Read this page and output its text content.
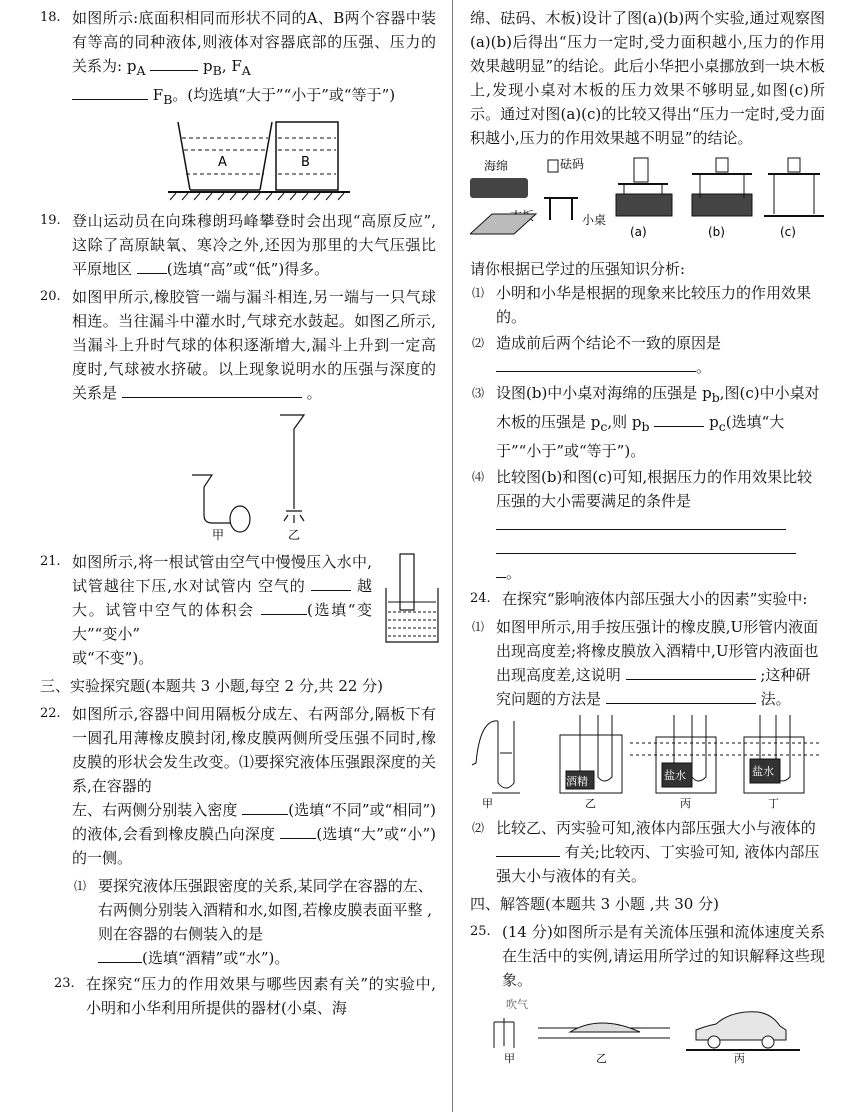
18. 如图所示:底面积相同而形状不同的A、B两个容器中装有等高的同种液体,则液体对容器底部的压强、压力的关系为: $p_A$	$p_B$, $F_A$
$F_B$。(均选填“大于”“小于”或“等于”)
A	B
19. 登山运动员在向珠穆朗玛峰攀登时会出现“高原反应”,这除了高原缺氧、寒冷之外,还因为那里的大气压强比平原地区 (选填“高”或“低”)得多。
20. 如图甲所示,橡胶管一端与漏斗相连,另一端与一只气球相连。当往漏斗中灌水时,气球充水鼓起。如图乙所示,当漏斗上升时气球的体积逐渐增大,漏斗上升到一定高度时,气球被水挤破。以上现象说明水的压强与深度的关系是	。
甲	乙
21. 如图所示,将一根试管由空气中慢慢压入水中,试管越往下压,水对试管内 空气的	越大。试管中空气的体积会	(选填“变大”“变小”
或“不变”)。
三、实验探究题(本题共 3 小题,每空 2 分,共 22 分)
22. 如图所示,容器中间用隔板分成左、右两部分,隔板下有一圆孔用薄橡皮膜封闭,橡皮膜两侧所受压强不同时,橡皮膜的形状会发生改变。⑴要探究液体压强跟深度的关系,在容器的
左、右两侧分别装入密度	(选填“不同”或“相同”)的液体,会看到橡皮膜凸向深度	(选填“大”或“小”)的一侧。
⑴ 要探究液体压强跟密度的关系,某同学在容器的左、右两侧分别装入酒精和水,如图,若橡皮膜表面平整 ,则在容器的右侧装入的是
(选填“酒精”或“水”)。
23. 在探究“压力的作用效果与哪些因素有关”的实验中,小明和小华利用所提供的器材(小桌、海
绵、砝码、木板)设计了图(a)(b)两个实验,通过观察图(a)(b)后得出“压力一定时,受力面积越小,压力的作用效果越明显”的结论。此后小华把小桌挪放到一块木板上,发现小桌对木板的压力效果不够明显,如图(c)所示。通过对图(a)(c)的比较又得出“压力一定时,受力面积越小,压力的作用效果越不明显”的结论。
海绵	砝码
小桌
(a)	(b)	(c)
请你根据已学过的压强知识分析:
⑴ 小明和小华是根据的现象来比较压力的作用效果的。
⑵ 造成前后两个结论不一致的原因是 。
⑶ 设图(b)中小桌对海绵的压强是 $p_b$,图(c)中小桌对木板的压强是 $p_c$,则 $p_b$	$p_c$(选填“大于”“小于”或“等于”)。
⑷ 比较图(b)和图(c)可知,根据压力的作用效果比较压强的大小需要满足的条件是

。
24. 在探究“影响液体内部压强大小的因素”实验中:
⑴ 如图甲所示,用手按压强计的橡皮膜,U形管内液面出现高度差;将橡皮膜放入酒精中,U形管内液面也出现高度差,这说明	;这种研究问题的方法是	法。
酒精	盐水	盐水
甲	乙	丙	丁
⑵ 比较乙、丙实验可知,液体内部压强大小与液体的  有关;比较丙、丁实验可知, 液体内部压强大小与液体的有关。
四、解答题(本题共 3 小题 ,共 30 分)
25. (14 分)如图所示是有关流体压强和流体速度关系在生活中的实例,请运用所学过的知识解释这些现象。
吹气
甲	乙	丙
